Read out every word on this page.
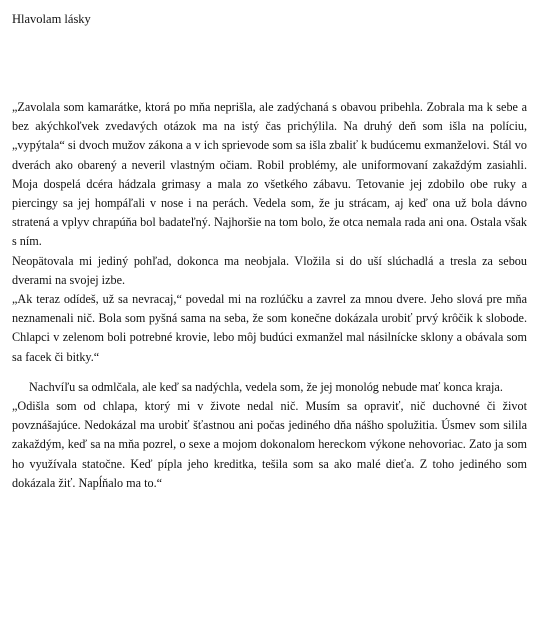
Hlavolam lásky

„Zavolala som kamarátke, ktorá po mňa neprišla, ale zadýchaná s obavou pribehla. Zobrala ma k sebe a bez akýchkoľvek zvedavých otázok ma na istý čas prichýlila. Na druhý deň som išla na políciu, „vypýtala“ si dvoch mužov zákona a v ich sprievode som sa išla zbaliť k budúcemu exmanželovi. Stál vo dverách ako obarený a neveril vlastným očiam. Robil problémy, ale uniformovaní zakaždým zasiahli. Moja dospelá dcéra hádzala grimasy a mala zo všetkého zábavu. Tetovanie jej zdobilo obe ruky a piercingy sa jej hompáľali v nose i na perách. Vedela som, že ju strácam, aj keď ona už bola dávno stratená a vplyv chrapúňa bol badateľný. Najhoršie na tom bolo, že otca nemala rada ani ona. Ostala však s ním.

Neopätovala mi jediný pohľad, dokonca ma neobjala. Vložila si do uší slúchadlá a tresla za sebou dverami na svojej izbe.

„Ak teraz odídeš, už sa nevracaj,“ povedal mi na rozlúčku a zavrel za mnou dvere. Jeho slová pre mňa neznamenali nič. Bola som pyšná sama na seba, že som konečne dokázala urobiť prvý krôčik k slobode. Chlapci v zelenom boli potrebné krovie, lebo môj budúci exmanžel mal násilnícke sklony a obávala som sa facek či bitky.“

Nachvíľu sa odmlčala, ale keď sa nadýchla, vedela som, že jej monológ nebude mať konca kraja.

„Odišla som od chlapa, ktorý mi v živote nedal nič. Musím sa opraviť, nič duchovné či život povznášajúce. Nedokázal ma urobiť šťastnou ani počas jediného dňa nášho spolužitia. Úsmev som silila zakaždým, keď sa na mňa pozrel, o sexe a mojom dokonalom hereckom výkone nehovoriac. Zato ja som ho využívala statočne. Keď pípla jeho kreditka, tešila som sa ako malé dieťa. Z toho jediného som dokázala žiť. Napĺňalo ma to.“
